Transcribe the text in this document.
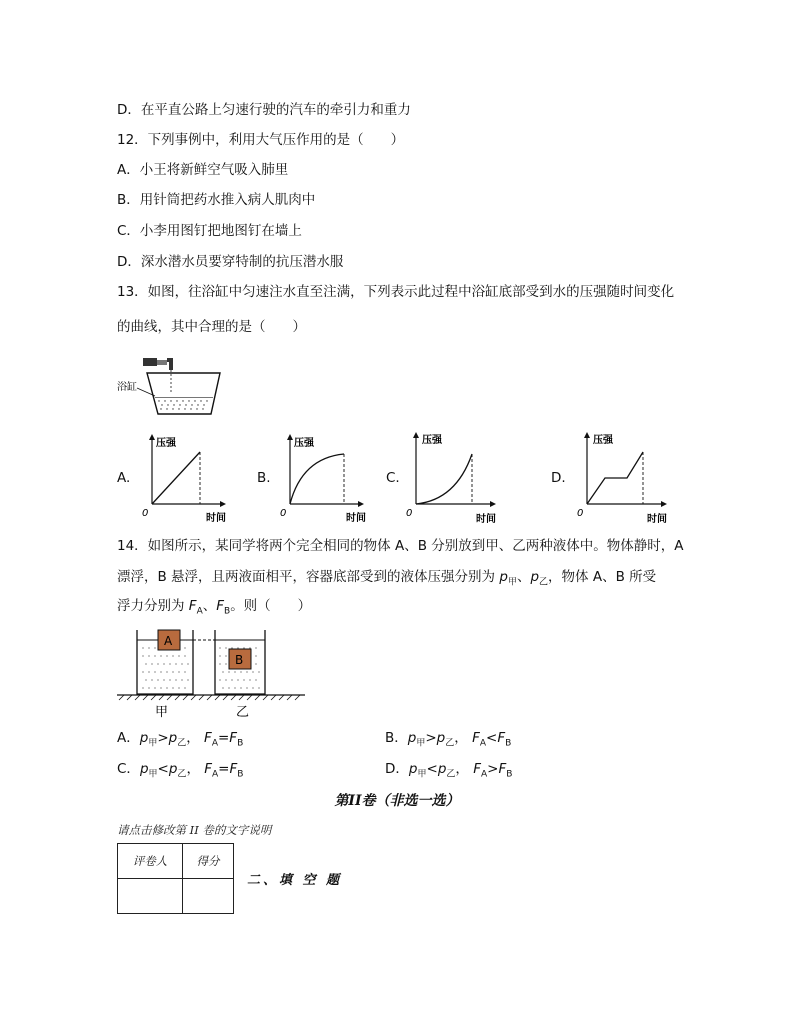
D．在平直公路上匀速行驶的汽车的牵引力和重力
12．下列事例中，利用大气压作用的是（　　）
A．小王将新鲜空气吸入肺里
B．用针筒把药水推入病人肌肉中
C．小李用图钉把地图钉在墙上
D．深水潜水员要穿特制的抗压潜水服
13．如图，往浴缸中匀速注水直至注满，下列表示此过程中浴缸底部受到水的压强随时间变化
的曲线，其中合理的是（　　）
浴缸
A.	B.	C.	D.
压强
0	时间
压强
0	时间
压强
0
时间
压强
0
时间
14．如图所示，某同学将两个完全相同的物体 A、B 分别放到甲、乙两种液体中。物体静时，A
漂浮，B 悬浮，且两液面相平，容器底部受到的液体压强分别为 $p_甲$、$p_乙$，物体 A、B 所受
浮力分别为 $F_A$、$F_B$。则（　　）
A
B
甲	乙
A．$p_甲>p_乙$， $F_A=F_B$	B．$p_甲>p_乙$， $F_A<F_B$
C．$p_甲<p_乙$， $F_A=F_B$	D．$p_甲<p_乙$， $F_A>F_B$
第II卷（非选一选）
请点击修改第 II 卷的文字说明
评卷人	得分

二、填 空 题
